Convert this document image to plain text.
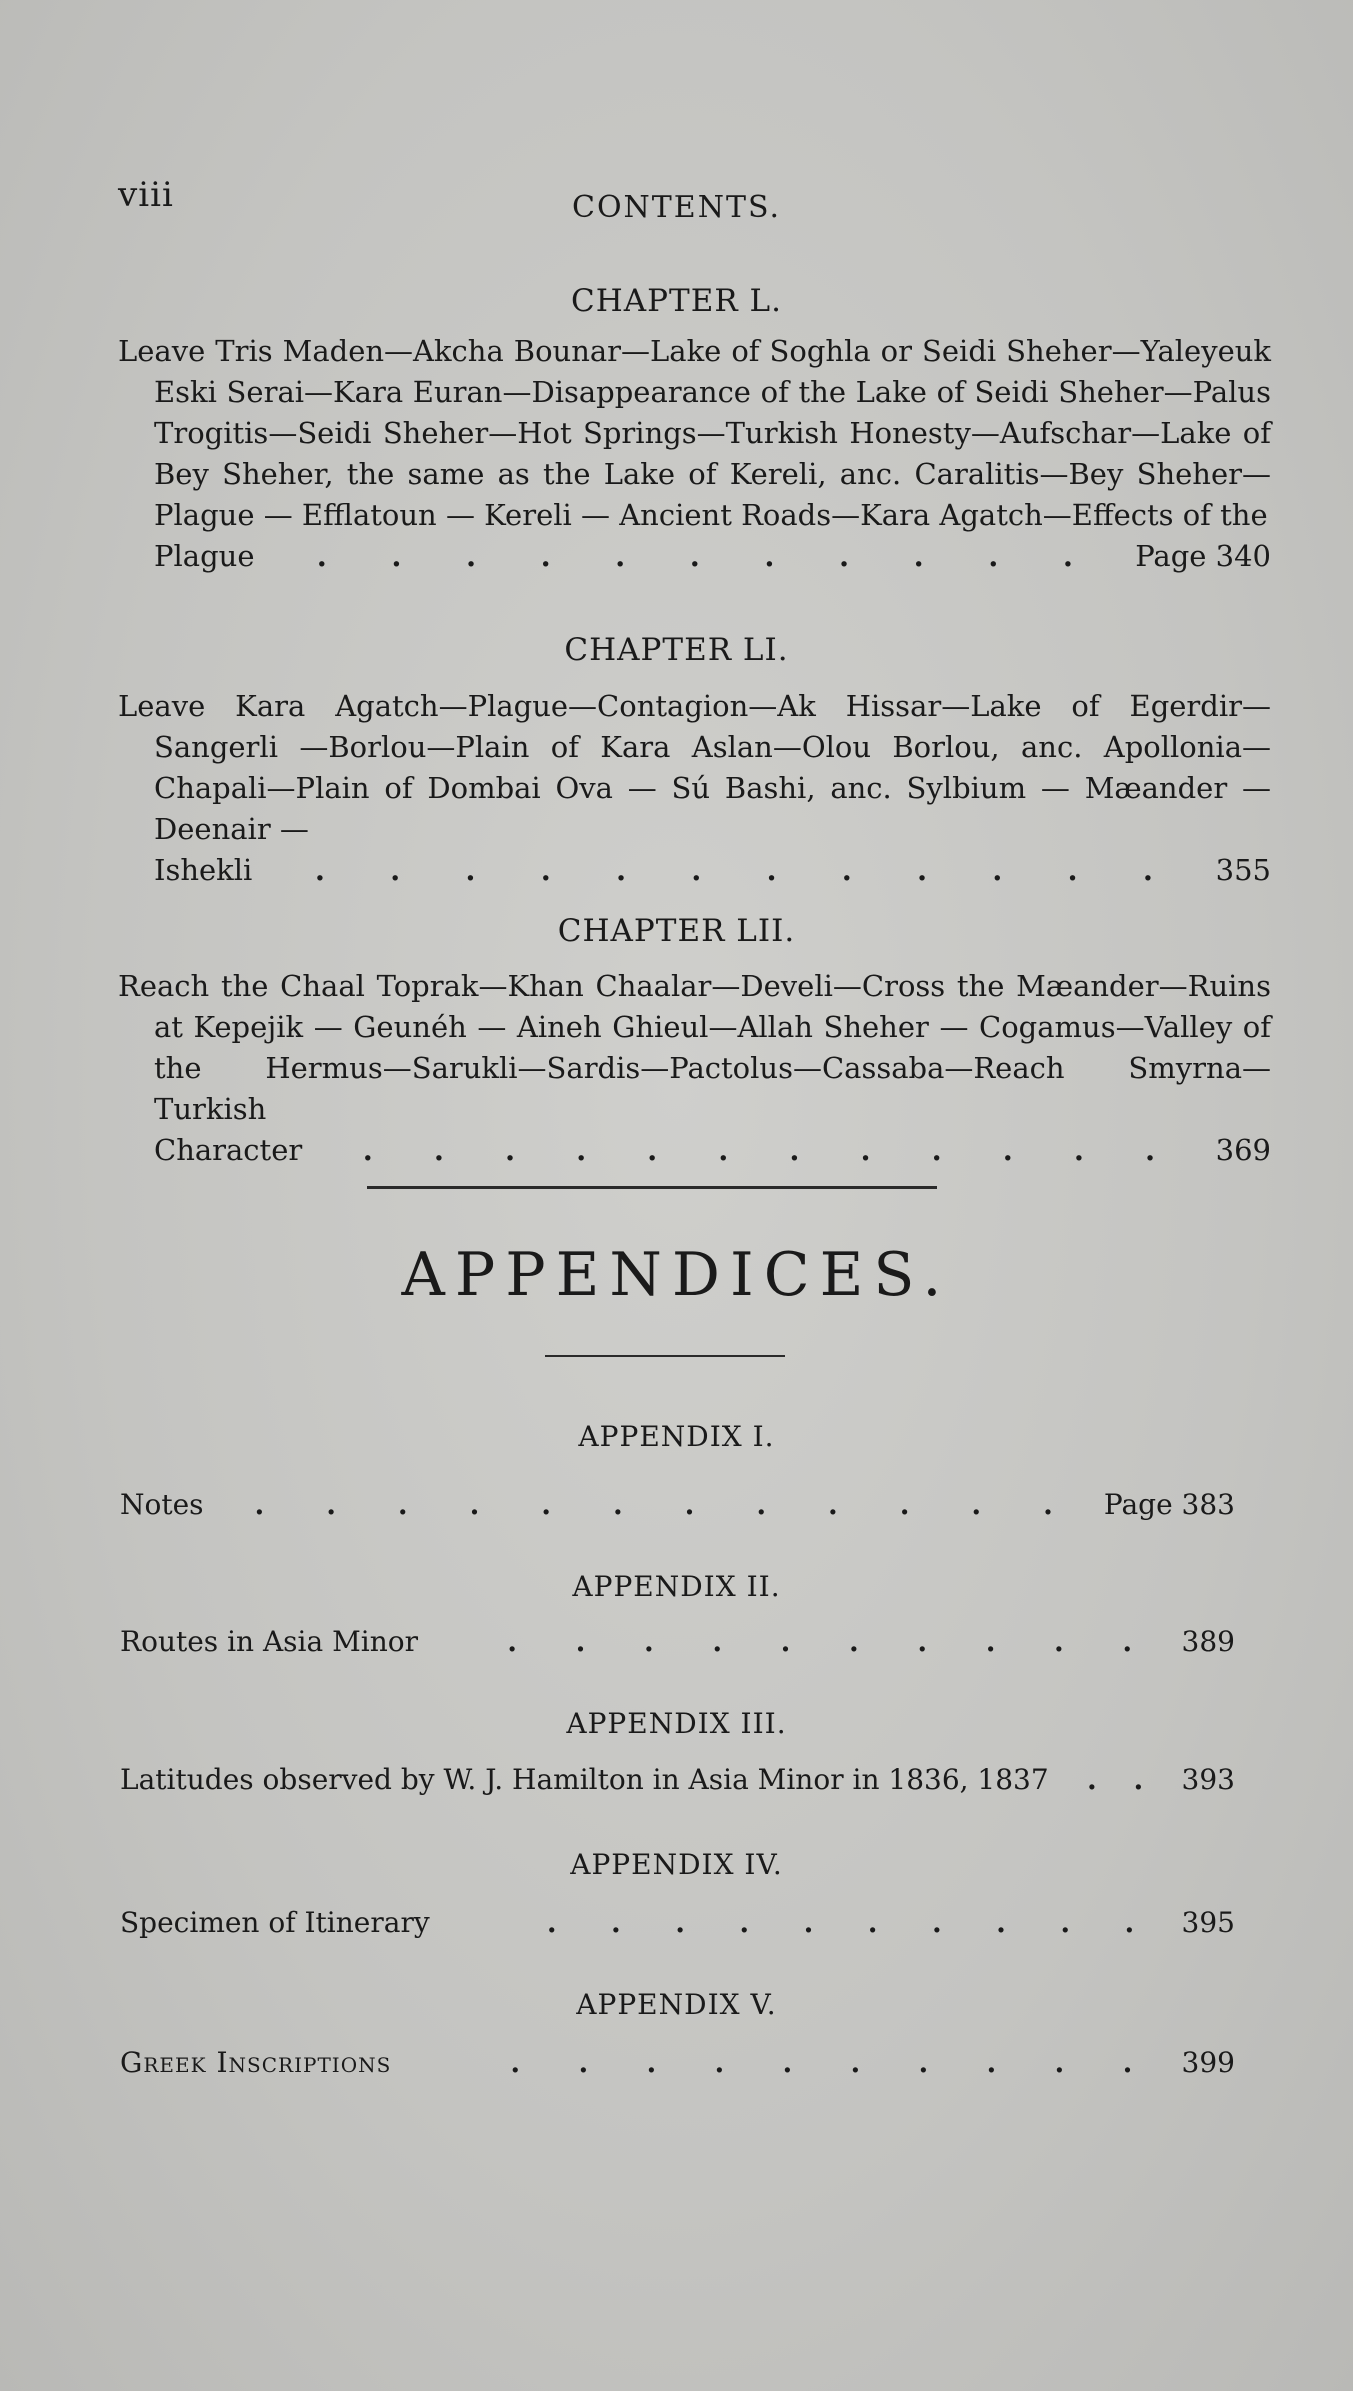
viii	CONTENTS.
CHAPTER L.
Leave Tris Maden—Akcha Bounar—Lake of Soghla or Seidi Sheher—Yaleyeuk Eski Serai—Kara Euran—Disappearance of the Lake of Seidi Sheher—Palus Trogitis—Seidi Sheher—Hot Springs—Turkish Honesty—Aufschar—Lake of Bey Sheher, the same as the Lake of Kereli, anc. Caralitis—Bey Sheher—Plague — Efflatoun — Kereli — Ancient Roads—Kara Agatch—Effects of the
Plague . . . . . . . . . . . Page 340
CHAPTER LI.
Leave Kara Agatch—Plague—Contagion—Ak Hissar—Lake of Egerdir—Sangerli —Borlou—Plain of Kara Aslan—Olou Borlou, anc. Apollonia—Chapali—Plain of Dombai Ova — Sú Bashi, anc. Sylbium — Mæander — Deenair —
Ishekli . . . . . . . . . . . . 355
CHAPTER LII.
Reach the Chaal Toprak—Khan Chaalar—Develi—Cross the Mæander—Ruins at Kepejik — Geunéh — Aineh Ghieul—Allah Sheher — Cogamus—Valley of the Hermus—Sarukli—Sardis—Pactolus—Cassaba—Reach Smyrna—Turkish
Character . . . . . . . . . . . . 369
APPENDICES.
APPENDIX I.
Notes . . . . . . . . . . . . Page 383
APPENDIX II.
Routes in Asia Minor	. . . . . . . . . . 389
APPENDIX III.
Latitudes observed by W. J. Hamilton in Asia Minor in 1836, 1837 . . 393
APPENDIX IV.
Specimen of Itinerary	. . . . . . . . . . 395
APPENDIX V.
Greek Inscriptions	. . . . . . . . . . 399
